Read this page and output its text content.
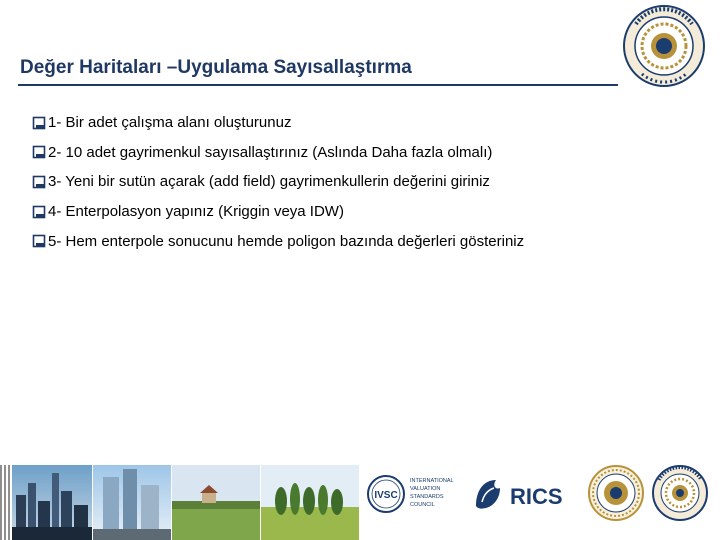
Değer Haritaları –Uygulama Sayısallaştırma
1- Bir adet çalışma alanı oluşturunuz
2- 10 adet gayrimenkul sayısallaştırınız (Aslında Daha fazla olmalı)
3- Yeni bir sutün açarak (add field) gayrimenkullerin değerini giriniz
4- Enterpolasyon yapınız (Kriggin veya IDW)
5- Hem enterpole sonucunu hemde poligon bazında değerleri gösteriniz
IVSC
INTERNATIONAL
VALUATION
STANDARDS
COUNCIL	RICS
